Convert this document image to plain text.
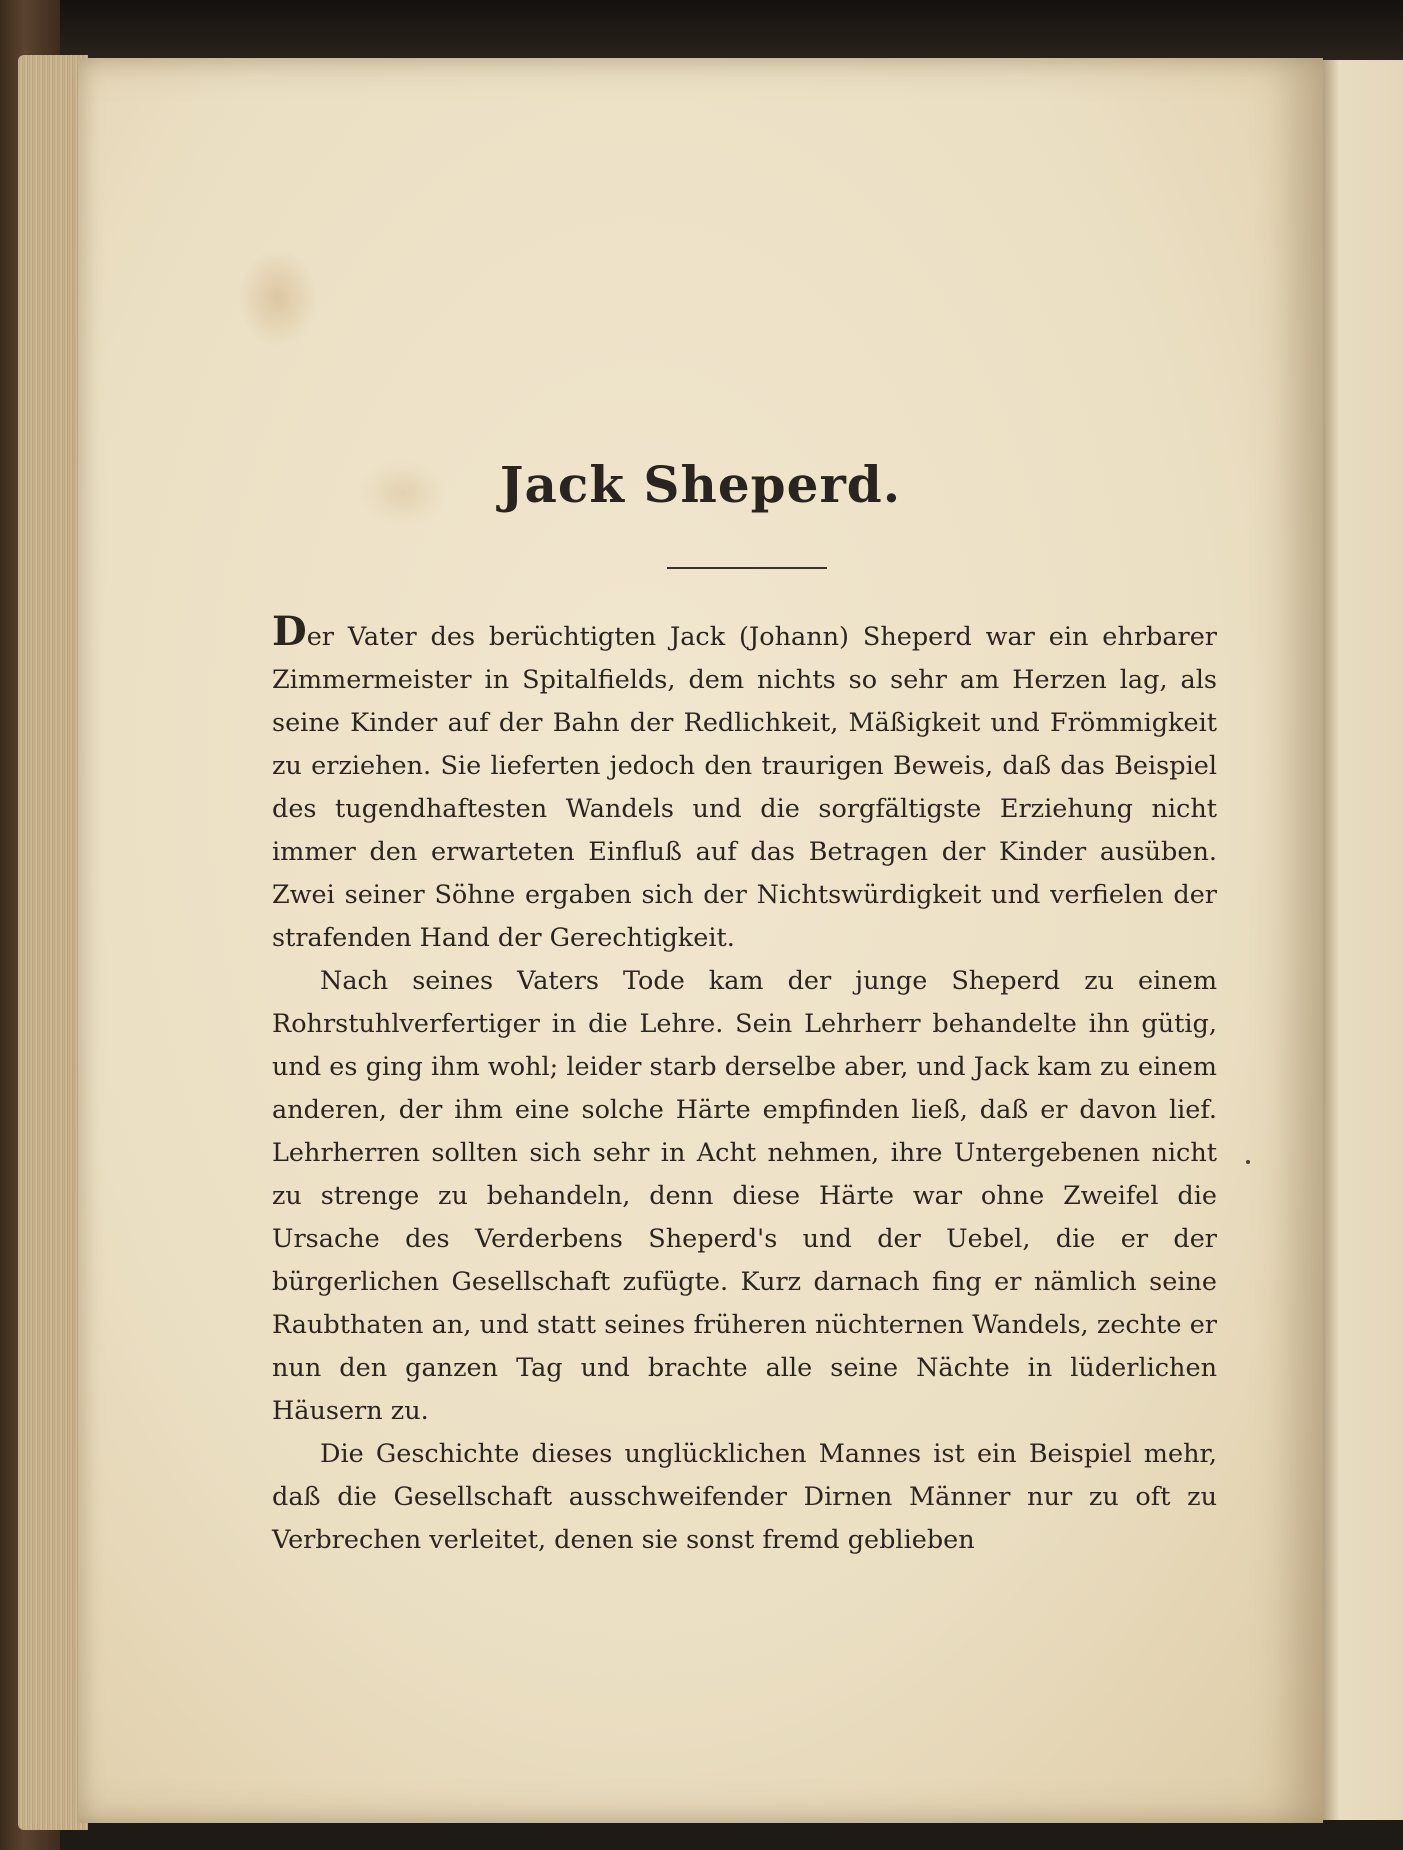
Jack Sheperd.

Der Vater des berüchtigten Jack (Johann) Sheperd war ein ehrbarer Zimmermeister in Spitalfields, dem nichts so sehr am Herzen lag, als seine Kinder auf der Bahn der Redlichkeit, Mäßigkeit und Frömmigkeit zu erziehen. Sie lieferten jedoch den traurigen Beweis, daß das Beispiel des tugendhaftesten Wandels und die sorgfältigste Erziehung nicht immer den erwarteten Einfluß auf das Betragen der Kinder ausüben. Zwei seiner Söhne ergaben sich der Nichtswürdigkeit und verfielen der strafenden Hand der Gerechtigkeit.

Nach seines Vaters Tode kam der junge Sheperd zu einem Rohrstuhlverfertiger in die Lehre. Sein Lehrherr behandelte ihn gütig, und es ging ihm wohl; leider starb derselbe aber, und Jack kam zu einem anderen, der ihm eine solche Härte empfinden ließ, daß er davon lief. Lehrherren sollten sich sehr in Acht nehmen, ihre Untergebenen nicht zu strenge zu behandeln, denn diese Härte war ohne Zweifel die Ursache des Verderbens Sheperd's und der Uebel, die er der bürgerlichen Gesellschaft zufügte. Kurz darnach fing er nämlich seine Raubthaten an, und statt seines früheren nüchternen Wandels, zechte er nun den ganzen Tag und brachte alle seine Nächte in lüderlichen Häusern zu.

Die Geschichte dieses unglücklichen Mannes ist ein Beispiel mehr, daß die Gesellschaft ausschweifender Dirnen Männer nur zu oft zu Verbrechen verleitet, denen sie sonst fremd geblieben
